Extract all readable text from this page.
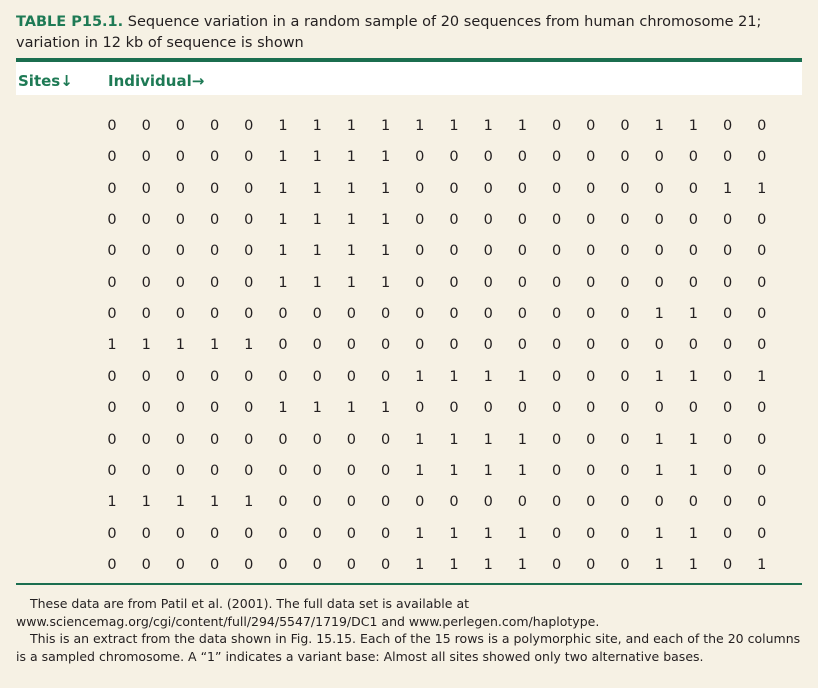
TABLE P15.1. Sequence variation in a random sample of 20 sequences from human chromosome 21;
variation in 12 kb of sequence is shown
Sites↓ Individual→
0	0	0	0	0	1	1	1	1	1	1	1	1	0	0	0	1	1	0	0
0	0	0	0	0	1	1	1	1	0	0	0	0	0	0	0	0	0	0	0
0	0	0	0	0	1	1	1	1	0	0	0	0	0	0	0	0	0	1	1
0	0	0	0	0	1	1	1	1	0	0	0	0	0	0	0	0	0	0	0
0	0	0	0	0	1	1	1	1	0	0	0	0	0	0	0	0	0	0	0
0	0	0	0	0	1	1	1	1	0	0	0	0	0	0	0	0	0	0	0
0	0	0	0	0	0	0	0	0	0	0	0	0	0	0	0	1	1	0	0
1	1	1	1	1	0	0	0	0	0	0	0	0	0	0	0	0	0	0	0
0	0	0	0	0	0	0	0	0	1	1	1	1	0	0	0	1	1	0	1
0	0	0	0	0	1	1	1	1	0	0	0	0	0	0	0	0	0	0	0
0	0	0	0	0	0	0	0	0	1	1	1	1	0	0	0	1	1	0	0
0	0	0	0	0	0	0	0	0	1	1	1	1	0	0	0	1	1	0	0
1	1	1	1	1	0	0	0	0	0	0	0	0	0	0	0	0	0	0	0
0	0	0	0	0	0	0	0	0	1	1	1	1	0	0	0	1	1	0	0
0	0	0	0	0	0	0	0	0	1	1	1	1	0	0	0	1	1	0	1

These data are from Patil et al. (2001). The full data set is available at

www.sciencemag.org/cgi/content/full/294/5547/1719/DC1 and www.perlegen.com/haplotype.

This is an extract from the data shown in Fig. 15.15. Each of the 15 rows is a polymorphic site, and each of the 20 columns

is a sampled chromosome. A “1” indicates a variant base: Almost all sites showed only two alternative bases.
